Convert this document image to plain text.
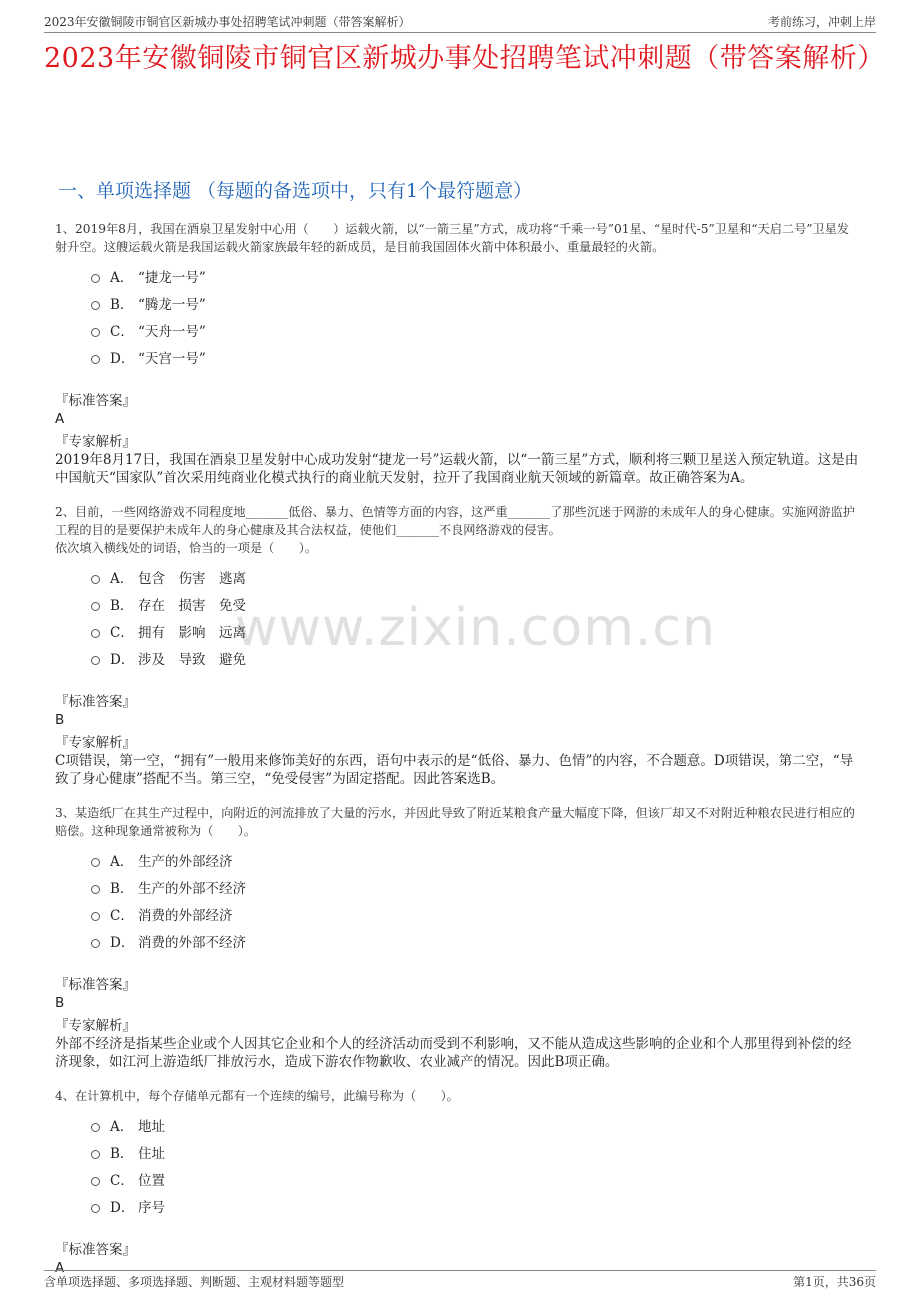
2023年安徽铜陵市铜官区新城办事处招聘笔试冲刺题（带答案解析）	考前练习，冲刺上岸
2023年安徽铜陵市铜官区新城办事处招聘笔试冲刺题（带答案解析）
一、单项选择题 （每题的备选项中，只有1个最符题意）
www.zixin.com.cn

1、2019年8月，我国在酒泉卫星发射中心用（　　）运载火箭，以“一箭三星”方式，成功将“千乘一号”01星、“星时代-5”卫星和“天启二号”卫星发射升空。这艘运载火箭是我国运载火箭家族最年轻的新成员，是目前我国固体火箭中体积最小、重量最轻的火箭。

A． “捷龙一号”
B． “腾龙一号”
C． “天舟一号”
D． “天宫一号”
『标准答案』
A
『专家解析』
2019年8月17日，我国在酒泉卫星发射中心成功发射“捷龙一号”运载火箭，以“一箭三星”方式，顺利将三颗卫星送入预定轨道。这是由中国航天“国家队”首次采用纯商业化模式执行的商业航天发射，拉开了我国商业航天领域的新篇章。故正确答案为A。

2、目前，一些网络游戏不同程度地_______低俗、暴力、色情等方面的内容，这严重_______了那些沉迷于网游的未成年人的身心健康。实施网游监护工程的目的是要保护未成年人的身心健康及其合法权益，使他们_______不良网络游戏的侵害。
依次填入横线处的词语，恰当的一项是（　　）。

A． 包含　伤害　逃离
B． 存在　损害　免受
C． 拥有　影响　远离
D． 涉及　导致　避免
『标准答案』
B
『专家解析』
C项错误，第一空，“拥有”一般用来修饰美好的东西，语句中表示的是“低俗、暴力、色情”的内容，不合题意。D项错误，第二空，“导致了身心健康”搭配不当。第三空，“免受侵害”为固定搭配。因此答案选B。

3、某造纸厂在其生产过程中，向附近的河流排放了大量的污水，并因此导致了附近某粮食产量大幅度下降，但该厂却又不对附近种粮农民进行相应的赔偿。这种现象通常被称为（　　）。

A． 生产的外部经济
B． 生产的外部不经济
C． 消费的外部经济
D． 消费的外部不经济
『标准答案』
B
『专家解析』
外部不经济是指某些企业或个人因其它企业和个人的经济活动而受到不利影响，又不能从造成这些影响的企业和个人那里得到补偿的经济现象，如江河上游造纸厂排放污水，造成下游农作物歉收、农业减产的情况。因此B项正确。

4、在计算机中，每个存储单元都有一个连续的编号，此编号称为（　　）。

A． 地址
B． 住址
C． 位置
D． 序号
『标准答案』
A
含单项选择题、多项选择题、判断题、主观材料题等题型	第1页，共36页
